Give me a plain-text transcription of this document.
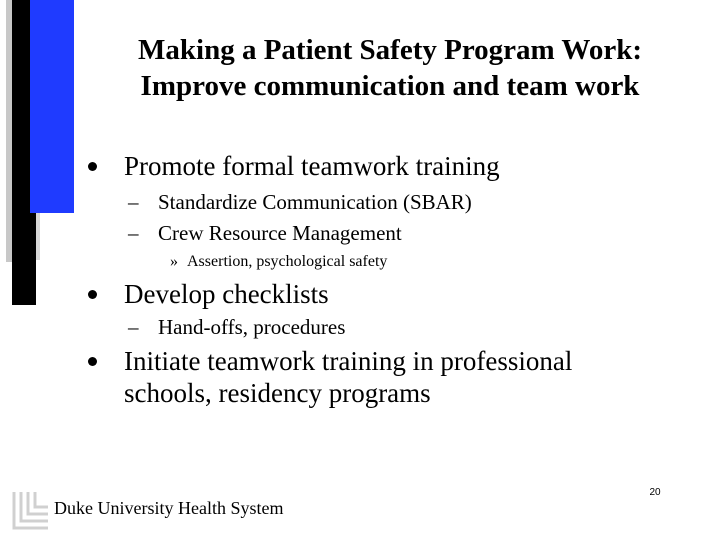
Making a Patient Safety Program Work:
Improve communication and team work
Promote formal teamwork training
– Standardize Communication (SBAR)
– Crew Resource Management
» Assertion, psychological safety
Develop checklists
– Hand-offs, procedures
Initiate teamwork training in professional
schools, residency programs
Duke University Health System
20
